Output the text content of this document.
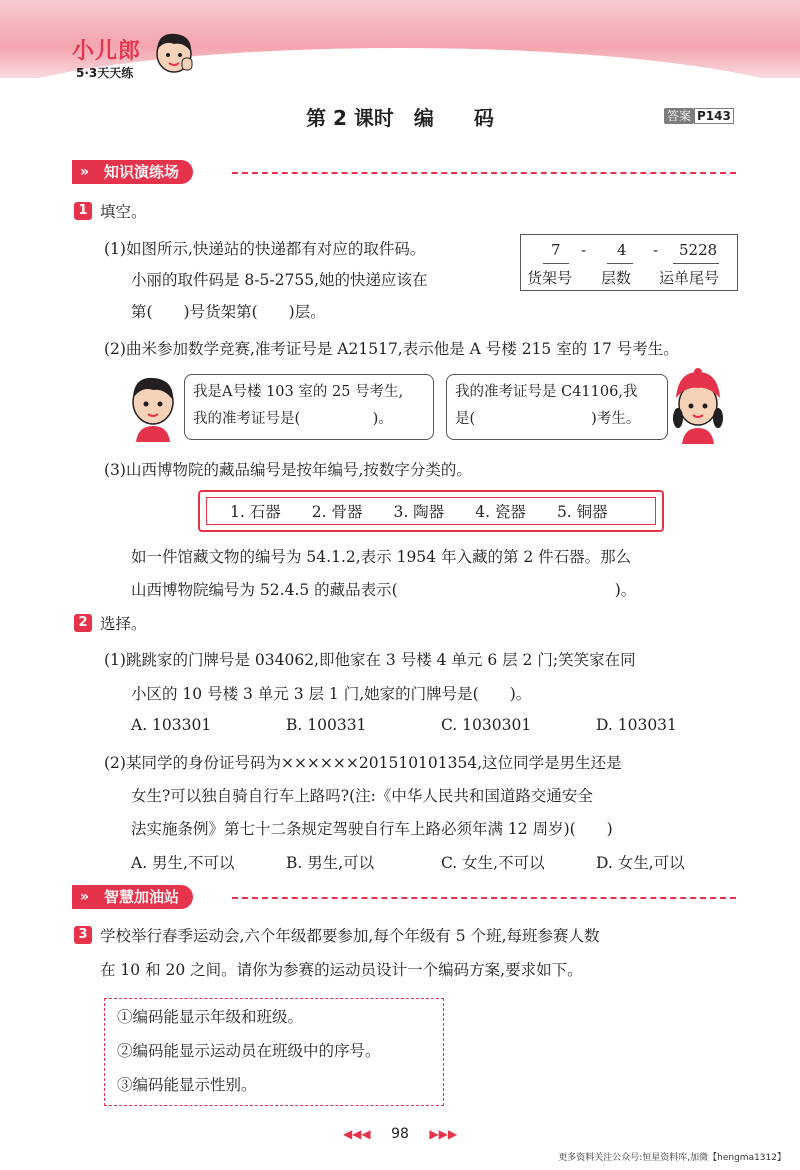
小儿郎
5·3天天练
第 2 课时　 编　　 码	答案 P143
» 知识演练场
1 填空。
(1)如图所示,快递站的快递都有对应的取件码。
小丽的取件码是 8-5-2755,她的快递应该在
第(　　)号货架第(　　)层。
7 - 4 - 5228
货架号 层数 运单尾号
(2)曲米参加数学竞赛,准考证号是 A21517,表示他是 A 号楼 215 室的 17 号考生。
我是A号楼 103 室的 25 号考生,
我的准考证号是(　　　　　)。
我的准考证号是 C41106,我
是(　　　　　　　　)考生。
(3)山西博物院的藏品编号是按年编号,按数字分类的。
1. 石器　　 2. 骨器　　 3. 陶器　　 4. 瓷器　　 5. 铜器
如一件馆藏文物的编号为 54.1.2,表示 1954 年入藏的第 2 件石器。那么
山西博物院编号为 52.4.5 的藏品表示(　　　　　　　　　　　　　　)。
2 选择。
(1)跳跳家的门牌号是 034062,即他家在 3 号楼 4 单元 6 层 2 门;笑笑家在同
小区的 10 号楼 3 单元 3 层 1 门,她家的门牌号是(　　)。
A. 103301	B. 100331	C. 1030301	D. 103031
(2)某同学的身份证号码为××××××201510101354,这位同学是男生还是
女生?可以独自骑自行车上路吗?(注:《中华人民共和国道路交通安全
法实施条例》第七十二条规定驾驶自行车上路必须年满 12 周岁)(　　)
A. 男生,不可以	B. 男生,可以	C. 女生,不可以	D. 女生,可以
» 智慧加油站
3 学校举行春季运动会,六个年级都要参加,每个年级有 5 个班,每班参赛人数
在 10 和 20 之间。请你为参赛的运动员设计一个编码方案,要求如下。
①编码能显示年级和班级。
②编码能显示运动员在班级中的序号。
③编码能显示性别。
◀◀◀ 98 ▶▶▶
更多资料关注公众号:恒星资料库,加微【hengma1312】
